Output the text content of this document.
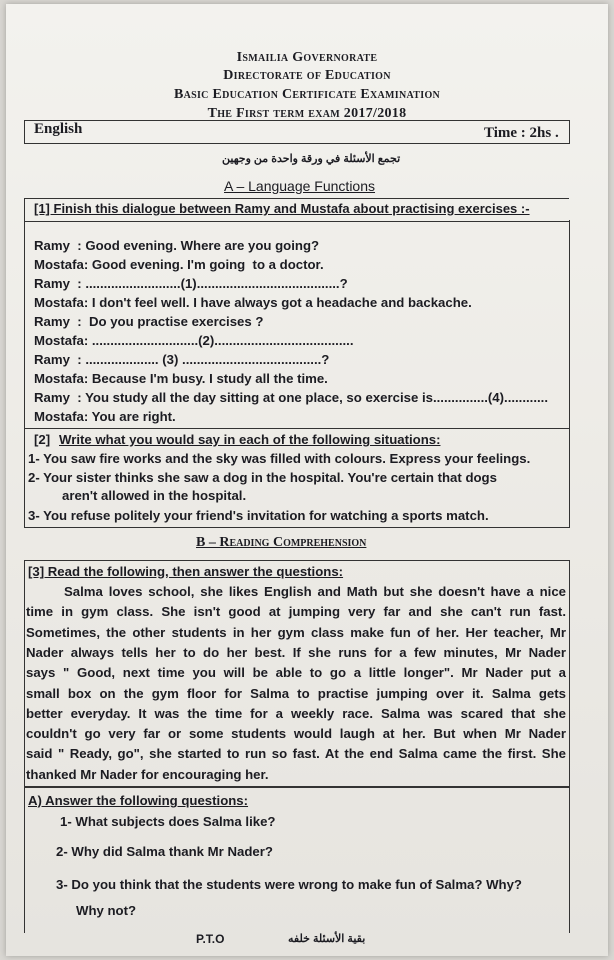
Ismailia Governorate
Directorate of Education
Basic Education Certificate Examination
The First term exam 2017/2018
English	Time : 2hs .
تجمع الأسئلة في ورقة واحدة من وجهين
A – Language Functions
[1] Finish this dialogue between Ramy and Mustafa about practising exercises :-
Ramy  : Good evening. Where are you going?
Mostafa: Good evening. I'm going  to a doctor.
Ramy  : ..........................(1).......................................?
Mostafa: I don't feel well. I have always got a headache and backache.
Ramy  :  Do you practise exercises ?
Mostafa: .............................(2)......................................
Ramy  : .................... (3) ......................................?
Mostafa: Because I'm busy. I study all the time.
Ramy  : You study all the day sitting at one place, so exercise is...............(4)............
Mostafa: You are right.
[2] Write what you would say in each of the following situations:
1- You saw fire works and the sky was filled with colours. Express your feelings.
2- Your sister thinks she saw a dog in the hospital. You're certain that dogs
aren't allowed in the hospital.
3- You refuse politely your friend's invitation for watching a sports match.
B – Reading Comprehension
[3] Read the following, then answer the questions:
Salma loves school, she likes English and Math but she doesn't have a nice
time in gym class. She isn't good at jumping very far and she can't run fast.
Sometimes, the other students in her gym class make fun of her. Her teacher, Mr
Nader always tells her to do her best. If she runs for a few minutes, Mr Nader
says " Good, next time you will be able to go a little longer". Mr Nader put a
small box on the gym floor for Salma to practise jumping over it. Salma gets
better everyday. It was the time for a weekly race. Salma was scared that she
couldn't go very far or some students would laugh at her. But when Mr Nader
said " Ready, go", she started to run so fast. At the end Salma came the first. She
thanked Mr Nader for encouraging her.
A) Answer the following questions:
1- What subjects does Salma like?
2- Why did Salma thank Mr Nader?
3- Do you think that the students were wrong to make fun of Salma? Why?
Why not?
P.T.O	بقية الأسئلة خلفه
